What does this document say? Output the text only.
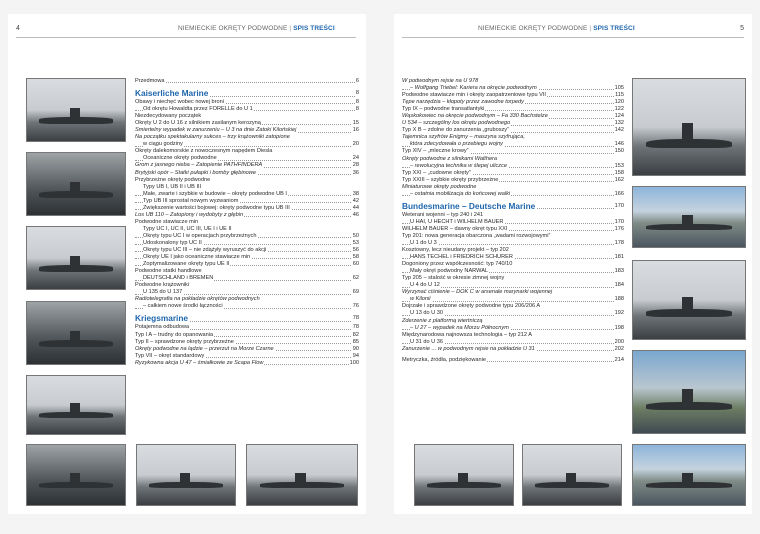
4	NIEMIECKIE OKRĘTY PODWODNE | SPIS TREŚCI
Przedmowa	6
Kaiserliche Marine	8
Obawy i niechęć wobec nowej broni	8
Od okrętu Howaldta przez FORELLE do U 1	8
Niezdecydowany początek
Okręty U 2 do U 16 z silnikiem zasilanym kerozyną	15
Śmiertelny wypadek w zanurzeniu – U 3 na dnie Zatoki Kilońskiej	16
Na początku spektakularny sukces – trzy krążowniki zatopione
w ciągu godziny	20
Okręty dalekomorskie z nowoczesnym napędem Diesla
Oceaniczne okręty podwodne	24
Grom z jasnego nieba – Zatopienie PATHFINDERA	28
Brytyjski opór – Statki pułapki i bomby głębinowe	36
Przybrzeżne okręty podwodne
Typy UB I, UB II i UB III
Małe, zwarte i szybkie w budowie – okręty podwodne UB I	38
Typ UB III sprostał nowym wyzwaniom	42
Zwiększenie wartości bojowej: okręty podwodne typu UB III	44
Los UB 110 – Zatopiony i wydobyty z głębin	46
Podwodne stawiacze min
Typy UC I, UC II, UC III, UE I i UE II
Okręty typu UC I w operacjach przybrzeżnych	50
Udoskonalony typ UC II	53
Okręty typu UC III – nie zdążyły wyruszyć do akcji	56
Okręty UE I jako oceaniczne stawiacze min	58
Zoptymalizowane okręty typu UE II	60
Podwodne statki handlowe
DEUTSCHLAND i BREMEN	62
Podwodne krążowniki
U 135 do U 137	69
Radiotelegrafia na pokładzie okrętów podwodnych
– całkiem nowe środki łączności	76
Kriegsmarine	78
Potajemna odbudowa	78
Typ I A – trudny do opanowania	82
Typ II – sprawdzone okręty przybrzeżne	85
Okręty podwodne na lądzie – przerzut na Morze Czarne	90
Typ VII – okręt standardowy	94
Ryzykowna akcja U 47 – śmiałkowie ze Scapa Flow	100
NIEMIECKIE OKRĘTY PODWODNE | SPIS TREŚCI	5
W podwodnym rejsie na U 978
– Wolfgang Triebel: Kariera na okręcie podwodnym	105
Podwodne stawiacze min i okręty zaopatrzeniowe typu VII	115
Tępe narzędzia – kłopoty przez zawodne torpedy	120
Typ IX – podwodne transatlantyki	122
Wąskokowiec na okręcie podwodnym – Fa 330 Bachstelze	124
U 534 – szczególny los okrętu podwodnego	132
Typ X B – zdolne do zanurzenia „gruboszy”	142
Tajemnica szyfrów Enigmy – maszyna szyfrująca,
która zdecydowała o przebiegu wojny	146
Typ XIV – „mleczne krowy”	150
Okręty podwodne z silnikami Walthera
– rewolucyjna technika w ślepej uliczce	153
Typ XXI – „cudowne okręty”	158
Typ XXIII – szybkie okręty przybrzeżne	162
Miniaturowe okręty podwodne
– ostatnia mobilizacja do końcowej walki	166
Bundesmarine – Deutsche Marine	170
Weterani wojenni – typ 240 i 241
U HAI, U HECHT i WILHELM BAUER	170
WILHELM BAUER – dawny okręt typu XXI	176
Typ 201: nowa generacja obarczona „wadami rozwojowymi”
U 1 do U 3	178
Kosztowny, lecz nieudany projekt – typ 202
HANS TECHEL i FRIEDRICH SCHÜRER	181
Dogoniony przez współczesność: typ 740/10
Mały okręt podwodny NARWAL	183
Typ 205 – stalość w okresie zimnej wojny
U 4 do U 12	184
Wyrzynać ciśnienie – DOK C w arsenale marynarki wojennej
w Kilonii	188
Dojrzałe i sprawdzone okręty podwodne typu 206/206 A
U 13 do U 30	192
Zderzenie z platformą wiertniczą
– U 27 – wypadek na Morzu Północnym	198
Międzynarodowa najnowsza technologia – typ 212 A
U 31 do U 36	200
Zanurzenie ... w podwodnym rejsie na pokładzie U 31	202
Metryczka, źródła, podziękowanie	214
